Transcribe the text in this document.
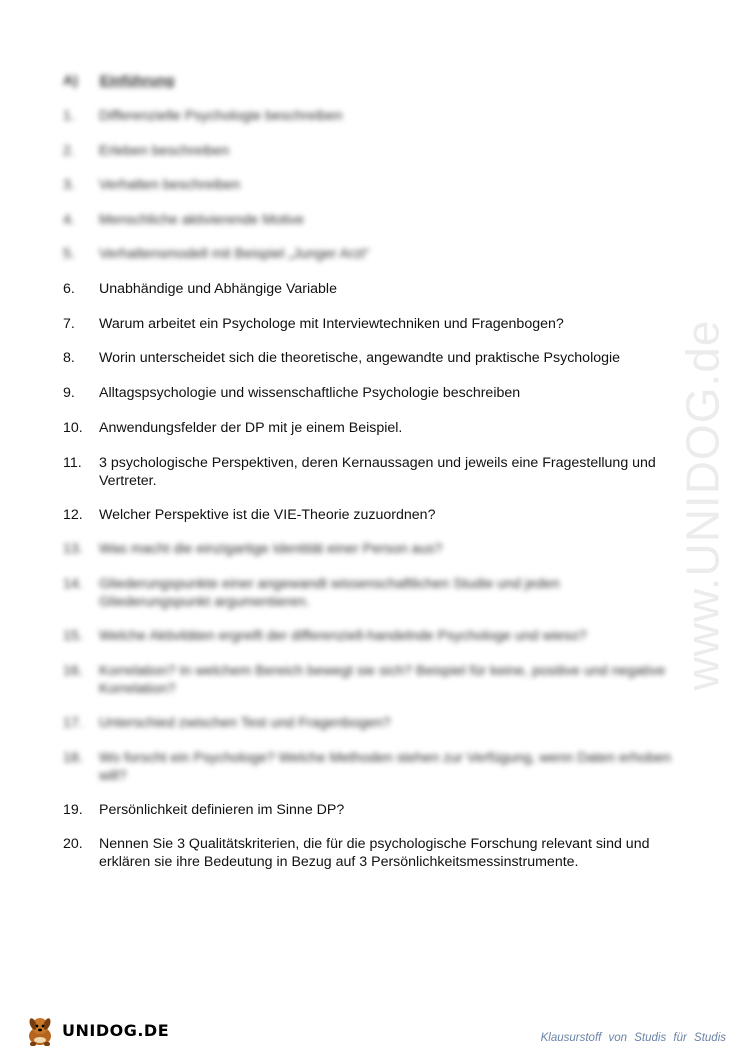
A) Einführung
1.	Differenzielle Psychologie beschreiben
2.	Erleben beschreiben
3.	Verhalten beschreiben
4.	Menschliche aktivierende Motive
5.	Verhaltensmodell mit Beispiel „Junger Arzt“
6.	Unabhändige und Abhängige Variable
7.	Warum arbeitet ein Psychologe mit Interviewtechniken und Fragenbogen?
8.	Worin unterscheidet sich die theoretische, angewandte und praktische Psychologie
9.	Alltagspsychologie und wissenschaftliche Psychologie beschreiben
10.	Anwendungsfelder der DP mit je einem Beispiel.
11.	3 psychologische Perspektiven, deren Kernaussagen und jeweils eine Fragestellung und Vertreter.
12.	Welcher Perspektive ist die VIE-Theorie zuzuordnen?
13.	Was macht die einzigartige Identität einer Person aus?
14.	Gliederungspunkte einer angewandt wissenschaftlichen Studie und jeden Gliederungspunkt argumentieren.
15.	Welche Aktivitäten ergreift der differenziell-handelnde Psychologe und wieso?
16.	Korrelation? In welchem Bereich bewegt sie sich? Beispiel für keine, positive und negative Korrelation?
17.	Unterschied zwischen Test und Fragenbogen?
18.	Wo forscht ein Psychologe? Welche Methoden stehen zur Verfügung, wenn Daten erhoben will?
19.	Persönlichkeit definieren im Sinne DP?
20.	Nennen Sie 3 Qualitätskriterien, die für die psychologische Forschung relevant sind und erklären sie ihre Bedeutung in Bezug auf 3 Persönlichkeitsmessinstrumente.
www.UNIDOG.de
UNIDOG.DE	Klausurstoff von Studis für Studis
